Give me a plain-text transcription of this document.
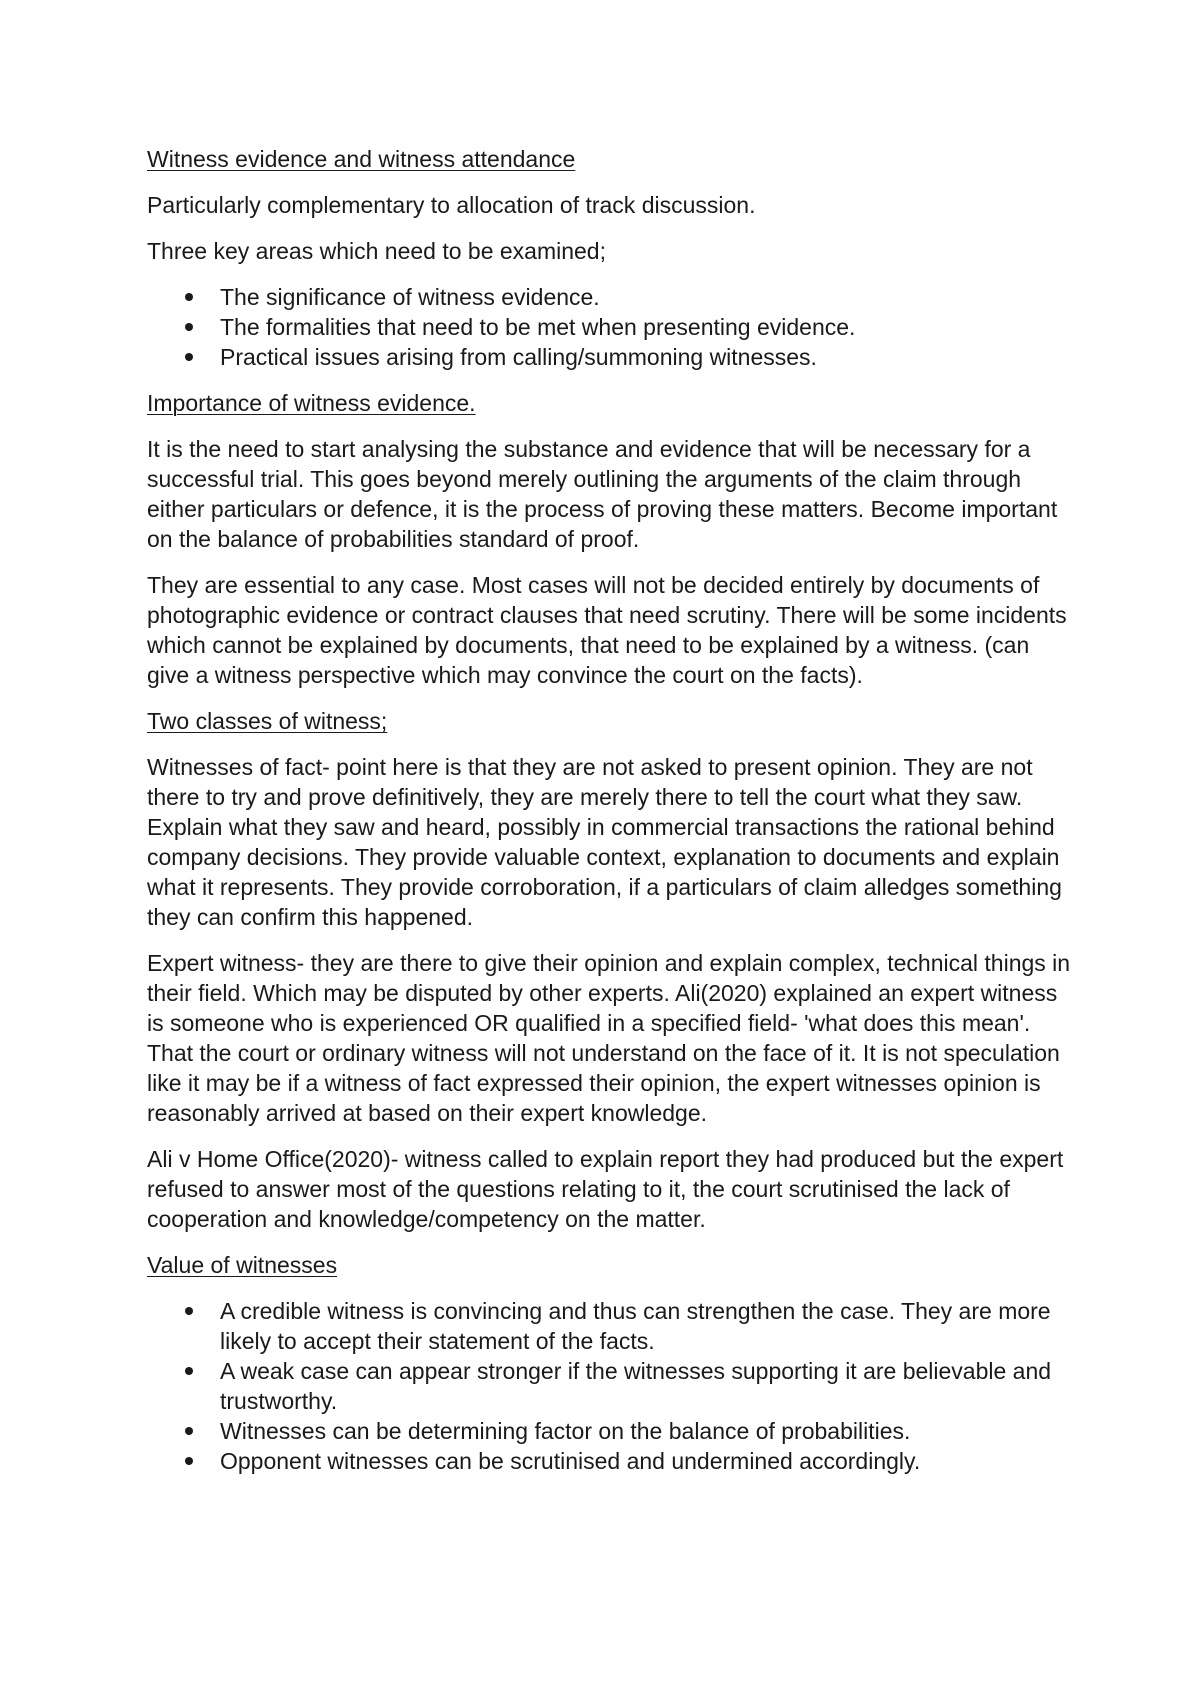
Witness evidence and witness attendance

Particularly complementary to allocation of track discussion.

Three key areas which need to be examined;

The significance of witness evidence.
The formalities that need to be met when presenting evidence.
Practical issues arising from calling/summoning witnesses.

Importance of witness evidence.

It is the need to start analysing the substance and evidence that will be necessary for a successful trial. This goes beyond merely outlining the arguments of the claim through either particulars or defence, it is the process of proving these matters. Become important on the balance of probabilities standard of proof.

They are essential to any case. Most cases will not be decided entirely by documents of photographic evidence or contract clauses that need scrutiny. There will be some incidents which cannot be explained by documents, that need to be explained by a witness. (can give a witness perspective which may convince the court on the facts).

Two classes of witness;

Witnesses of fact- point here is that they are not asked to present opinion. They are not there to try and prove definitively, they are merely there to tell the court what they saw. Explain what they saw and heard, possibly in commercial transactions the rational behind company decisions. They provide valuable context, explanation to documents and explain what it represents. They provide corroboration, if a particulars of claim alledges something they can confirm this happened.

Expert witness- they are there to give their opinion and explain complex, technical things in their field. Which may be disputed by other experts. Ali(2020) explained an expert witness is someone who is experienced OR qualified in a specified field- 'what does this mean'. That the court or ordinary witness will not understand on the face of it. It is not speculation like it may be if a witness of fact expressed their opinion, the expert witnesses opinion is reasonably arrived at based on their expert knowledge.

Ali v Home Office(2020)- witness called to explain report they had produced but the expert refused to answer most of the questions relating to it, the court scrutinised the lack of cooperation and knowledge/competency on the matter.

Value of witnesses

A credible witness is convincing and thus can strengthen the case. They are more likely to accept their statement of the facts.
A weak case can appear stronger if the witnesses supporting it are believable and trustworthy.
Witnesses can be determining factor on the balance of probabilities.
Opponent witnesses can be scrutinised and undermined accordingly.
